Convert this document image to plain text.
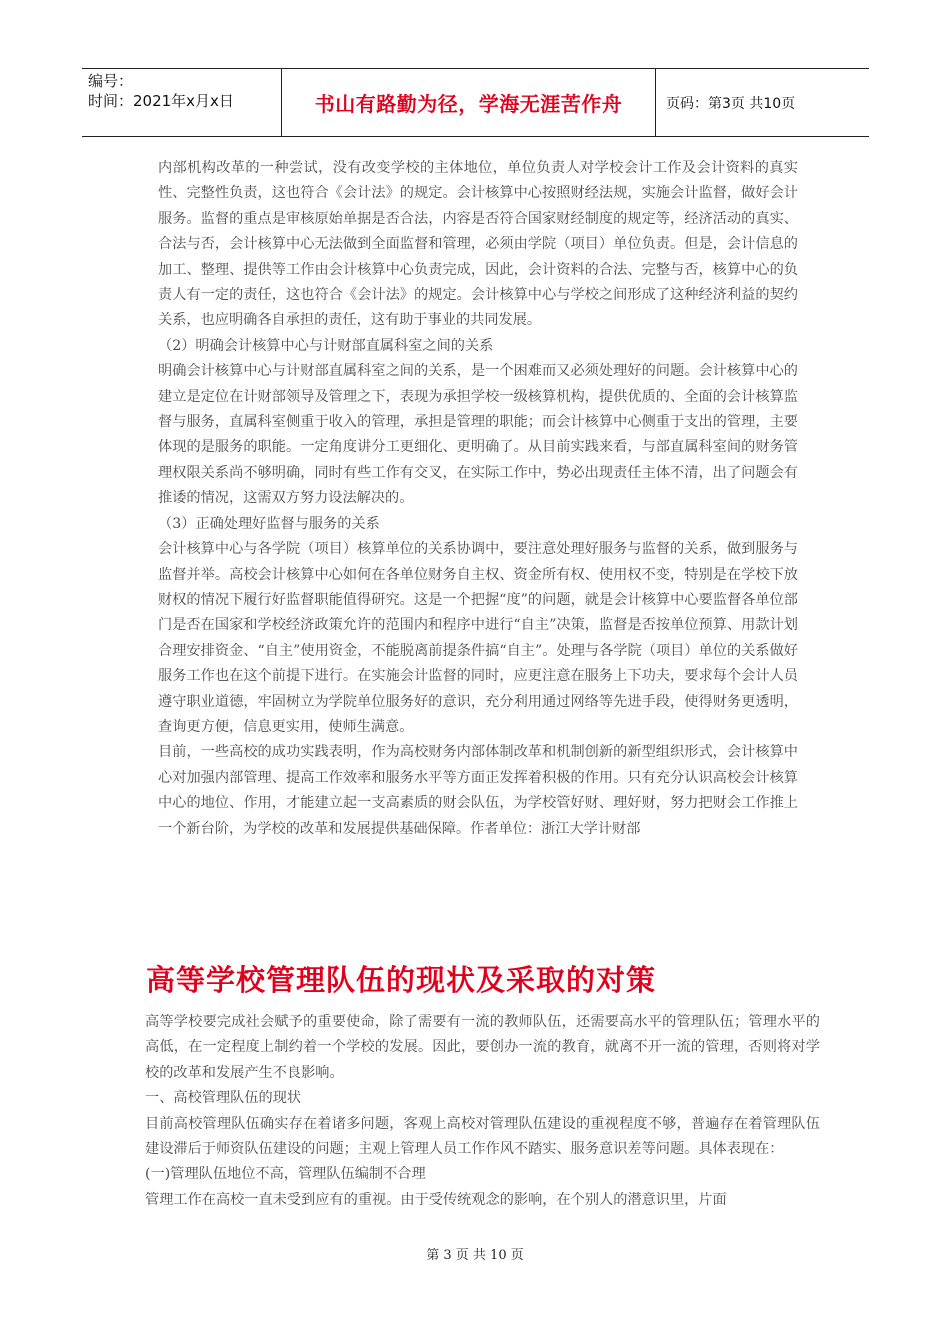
编号：
时间：2021年x月x日	书山有路勤为径，学海无涯苦作舟	页码：第3页 共10页

内部机构改革的一种尝试，没有改变学校的主体地位，单位负责人对学校会计工作及会计资料的真实性、完整性负责，这也符合《会计法》的规定。会计核算中心按照财经法规，实施会计监督，做好会计服务。监督的重点是审核原始单据是否合法，内容是否符合国家财经制度的规定等，经济活动的真实、合法与否，会计核算中心无法做到全面监督和管理，必须由学院（项目）单位负责。但是，会计信息的加工、整理、提供等工作由会计核算中心负责完成，因此，会计资料的合法、完整与否，核算中心的负责人有一定的责任，这也符合《会计法》的规定。会计核算中心与学校之间形成了这种经济利益的契约关系，也应明确各自承担的责任，这有助于事业的共同发展。

（2）明确会计核算中心与计财部直属科室之间的关系

明确会计核算中心与计财部直属科室之间的关系，是一个困难而又必须处理好的问题。会计核算中心的建立是定位在计财部领导及管理之下，表现为承担学校一级核算机构，提供优质的、全面的会计核算监督与服务，直属科室侧重于收入的管理，承担是管理的职能；而会计核算中心侧重于支出的管理，主要体现的是服务的职能。一定角度讲分工更细化、更明确了。从目前实践来看，与部直属科室间的财务管理权限关系尚不够明确，同时有些工作有交叉，在实际工作中，势必出现责任主体不清，出了问题会有推诿的情况，这需双方努力设法解决的。

（3）正确处理好监督与服务的关系

会计核算中心与各学院（项目）核算单位的关系协调中，要注意处理好服务与监督的关系，做到服务与监督并举。高校会计核算中心如何在各单位财务自主权、资金所有权、使用权不变，特别是在学校下放财权的情况下履行好监督职能值得研究。这是一个把握“度”的问题，就是会计核算中心要监督各单位部门是否在国家和学校经济政策允许的范围内和程序中进行“自主”决策，监督是否按单位预算、用款计划合理安排资金、“自主”使用资金，不能脱离前提条件搞“自主”。处理与各学院（项目）单位的关系做好服务工作也在这个前提下进行。在实施会计监督的同时，应更注意在服务上下功夫，要求每个会计人员遵守职业道德，牢固树立为学院单位服务好的意识，充分利用通过网络等先进手段，使得财务更透明，查询更方便，信息更实用，使师生满意。

目前，一些高校的成功实践表明，作为高校财务内部体制改革和机制创新的新型组织形式，会计核算中心对加强内部管理、提高工作效率和服务水平等方面正发挥着积极的作用。只有充分认识高校会计核算中心的地位、作用，才能建立起一支高素质的财会队伍，为学校管好财、理好财，努力把财会工作推上一个新台阶，为学校的改革和发展提供基础保障。作者单位：浙江大学计财部

高等学校管理队伍的现状及采取的对策

高等学校要完成社会赋予的重要使命，除了需要有一流的教师队伍，还需要高水平的管理队伍；管理水平的高低，在一定程度上制约着一个学校的发展。因此，要创办一流的教育，就离不开一流的管理，否则将对学校的改革和发展产生不良影响。

一、高校管理队伍的现状

目前高校管理队伍确实存在着诸多问题，客观上高校对管理队伍建设的重视程度不够，普遍存在着管理队伍建设滞后于师资队伍建设的问题；主观上管理人员工作作风不踏实、服务意识差等问题。具体表现在：

(一)管理队伍地位不高，管理队伍编制不合理

管理工作在高校一直未受到应有的重视。由于受传统观念的影响，在个别人的潜意识里，片面

第 3 页 共 10 页
